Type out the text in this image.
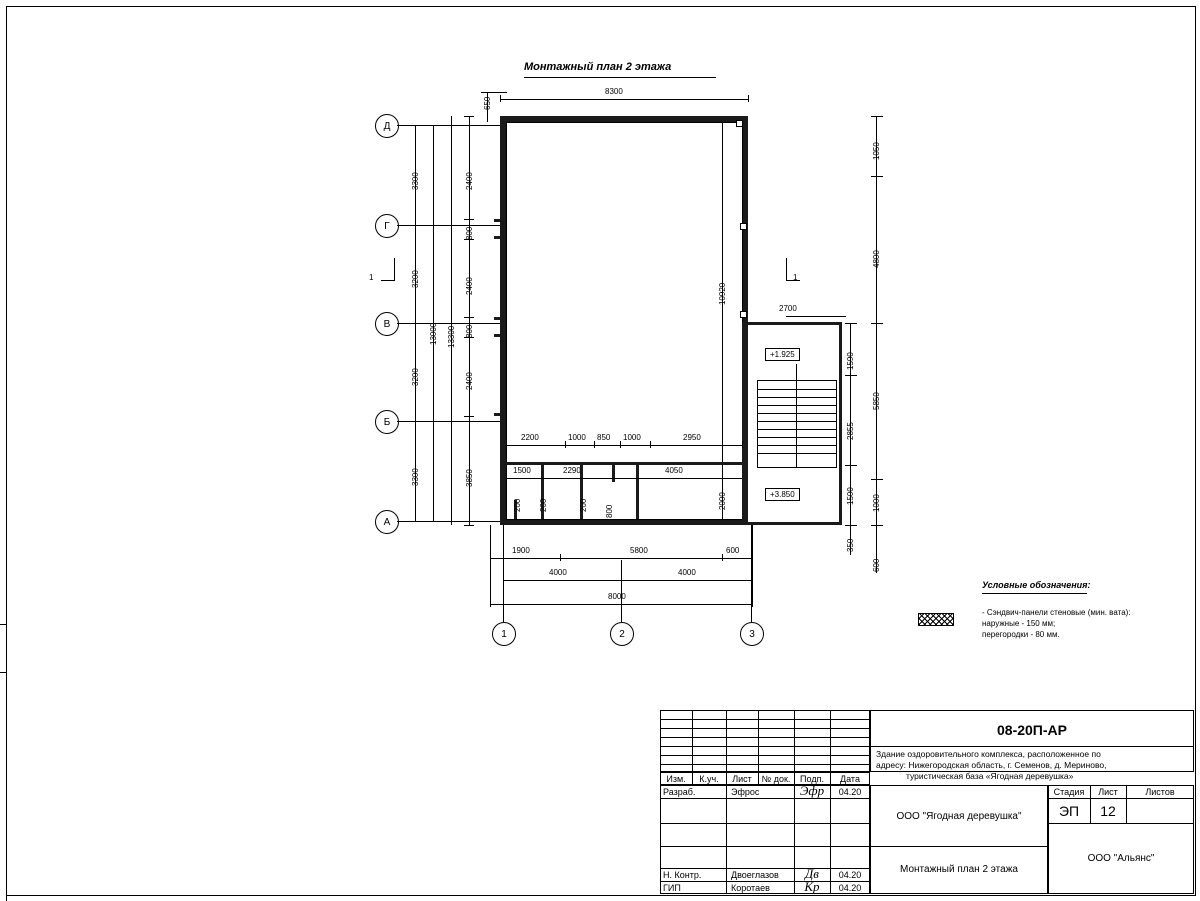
Монтажный план 2 этажа
Д
Г
В
Б
А
1	2	3
+1.925
+3.850
1	1
8300
650
3300
3200
3200
3300
13000 13300
2400
800
2400
800
2400
3850
10920
2000
200 200	200 800
1050
4800
5850
1590
2855
1500 1000
350
600
2700
2200	1000 850 1000	2950
1500	2290	4050
1900	5800	600
4000	4000
8000
Условные обозначения:
- Сэндвич-панели стеновые (мин. вата):
наружные - 150 мм;
перегородки - 80 мм.
08-20П-АР
Здание оздоровительного комплекса, расположенное по
адресу: Нижегородская область, г. Семенов, д. Мериново,
туристическая база «Ягодная деревушка»
Изм.	К.уч.	Лист	№ док.	Подп.	Дата
Разраб.	Эфрос	Эфр	04.20
Н. Контр.	Двоеглазов	Дв	04.20
ГИП	Коротаев	Кр	04.20
ООО "Ягодная деревушка"
Монтажный план 2 этажа
Стадия	Лист	Листов
ЭП	12
ООО "Альянс"
